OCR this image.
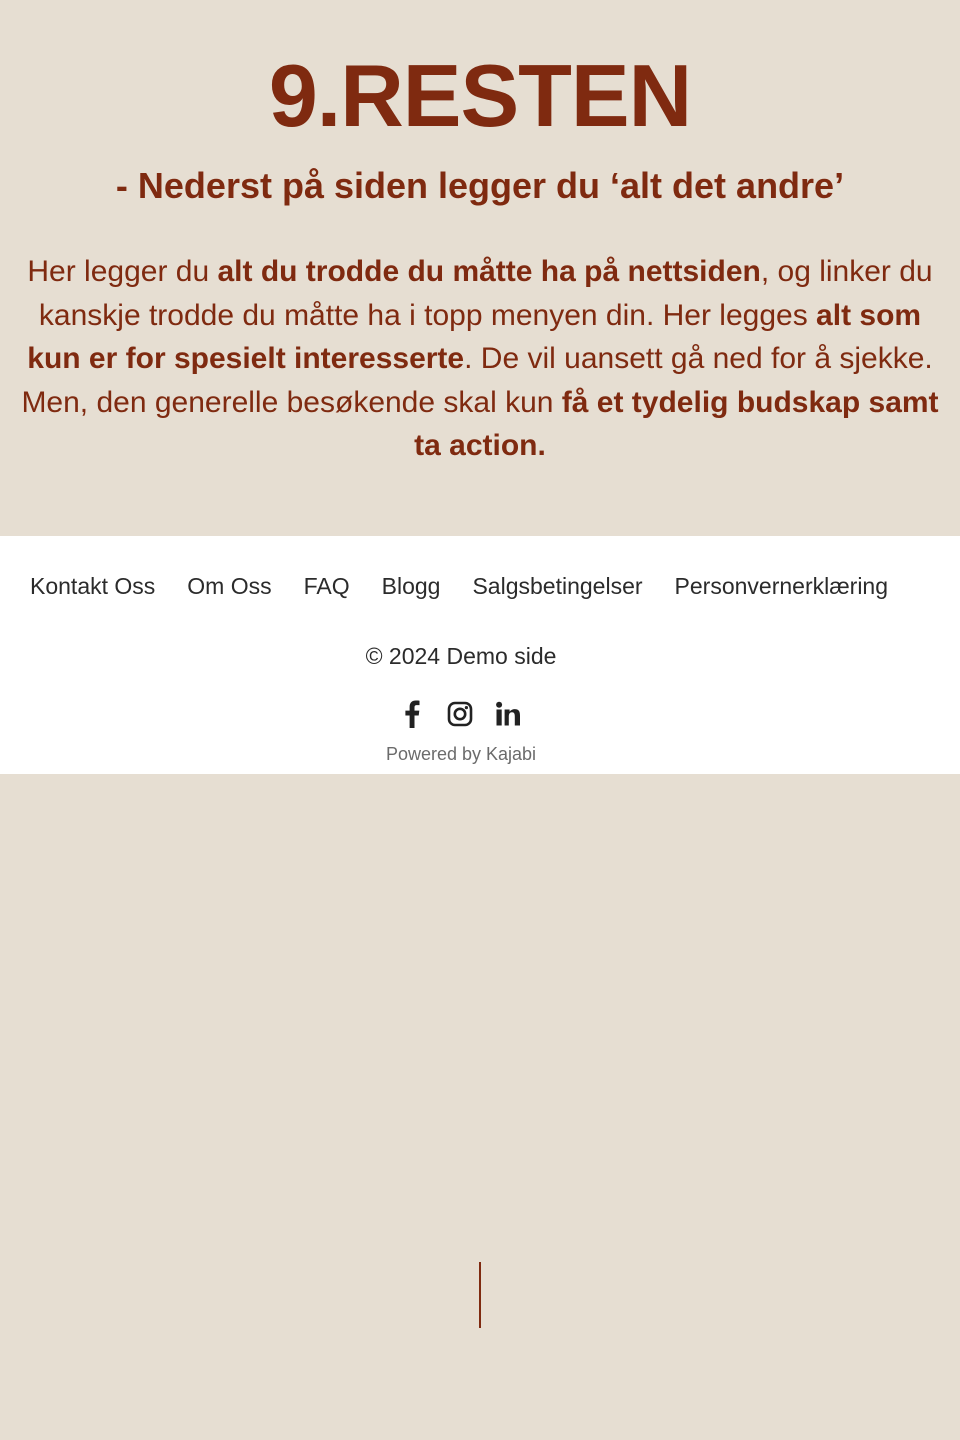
9.RESTEN
- Nederst på siden legger du ‘alt det andre’

Her legger du alt du trodde du måtte ha på nettsiden, og linker du kanskje trodde du måtte ha i topp menyen din. Her legges alt som kun er for spesielt interesserte. De vil uansett gå ned for å sjekke. Men, den generelle besøkende skal kun få et tydelig budskap samt ta action.

Kontakt Oss	Om Oss	FAQ	Blogg	Salgsbetingelser	Personvernerklæring
© 2024 Demo side
Powered by Kajabi
